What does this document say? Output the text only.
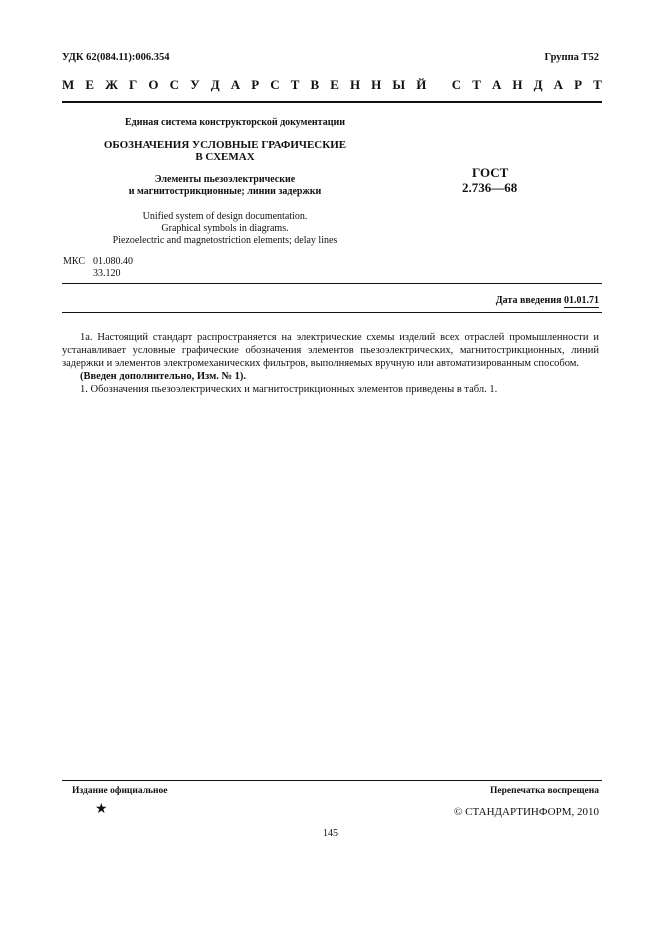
УДК 62(084.11):006.354	Группа Т52
М Е Ж Г О С У Д А Р С Т В Е Н Н Ы Й
С Т А Н Д А Р Т
Единая система конструкторской документации
ОБОЗНАЧЕНИЯ УСЛОВНЫЕ ГРАФИЧЕСКИЕ
В СХЕМАХ
Элементы пьезоэлектрические
и магнитострикционные; линии задержки
ГОСТ
2.736—68
Unified system of design documentation.
Graphical symbols in diagrams.
Piezoelectric and magnetostriction elements; delay lines
МКС 01.080.40
33.120
Дата введения 01.01.71

1а. Настоящий стандарт распространяется на электрические схемы изделий всех отраслей промышленности и устанавливает условные графические обозначения элементов пьезоэлектрических, магнитострикционных, линий задержки и элементов электромеханических фильтров, выполняемых вручную или автоматизированным способом.

(Введен дополнительно, Изм. № 1).

1. Обозначения пьезоэлектрических и магнитострикционных элементов приведены в табл. 1.

Издание официальное	Перепечатка воспрещена
★	© СТАНДАРТИНФОРМ, 2010
145
